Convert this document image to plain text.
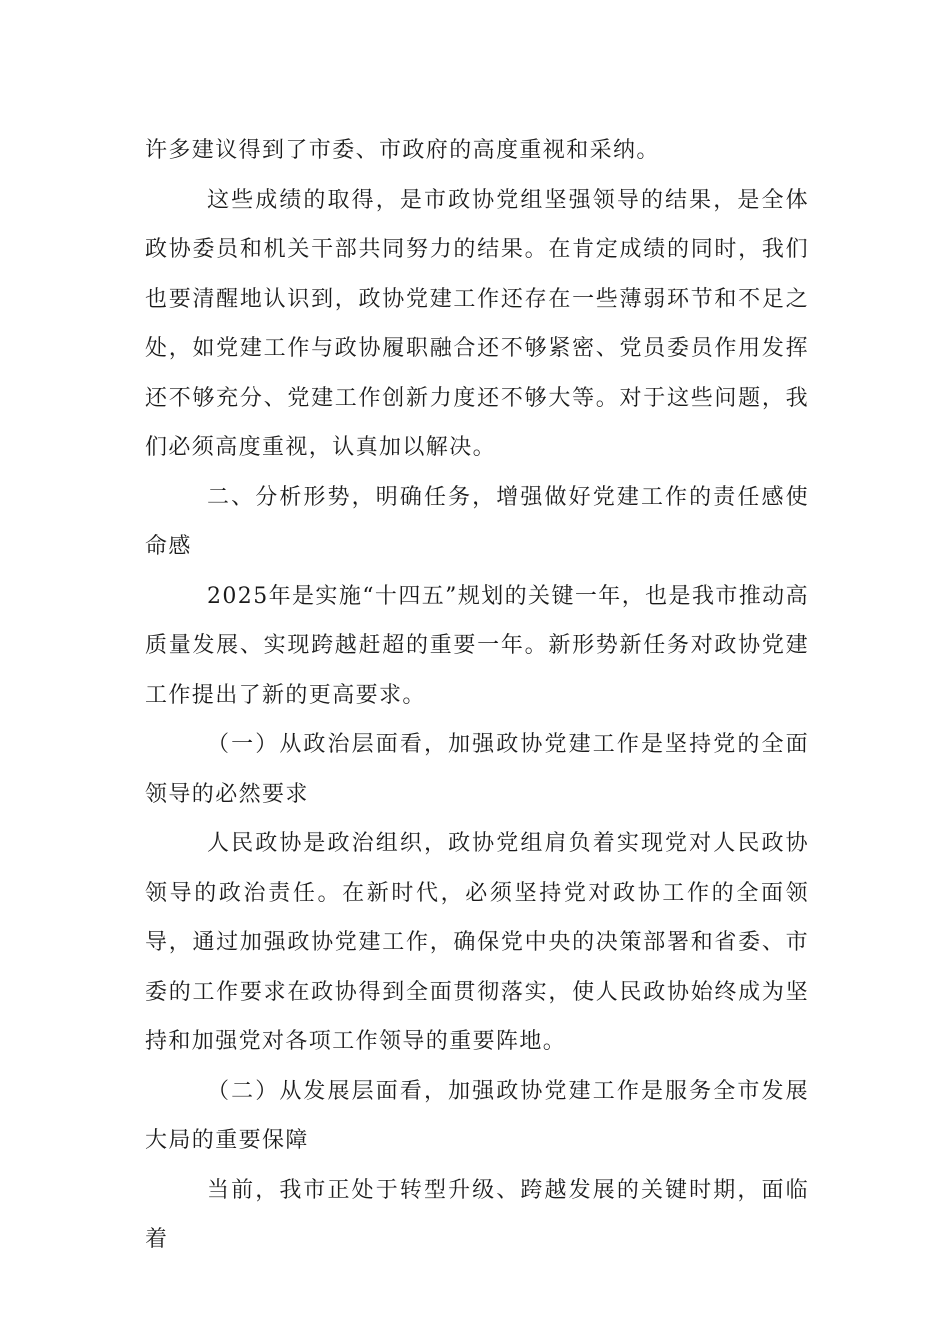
许多建议得到了市委、市政府的高度重视和采纳。

这些成绩的取得，是市政协党组坚强领导的结果，是全体政协委员和机关干部共同努力的结果。在肯定成绩的同时，我们也要清醒地认识到，政协党建工作还存在一些薄弱环节和不足之处，如党建工作与政协履职融合还不够紧密、党员委员作用发挥还不够充分、党建工作创新力度还不够大等。对于这些问题，我们必须高度重视，认真加以解决。

二、分析形势，明确任务，增强做好党建工作的责任感使命感

2025年是实施“十四五”规划的关键一年，也是我市推动高质量发展、实现跨越赶超的重要一年。新形势新任务对政协党建工作提出了新的更高要求。

（一）从政治层面看，加强政协党建工作是坚持党的全面领导的必然要求

人民政协是政治组织，政协党组肩负着实现党对人民政协领导的政治责任。在新时代，必须坚持党对政协工作的全面领导，通过加强政协党建工作，确保党中央的决策部署和省委、市委的工作要求在政协得到全面贯彻落实，使人民政协始终成为坚持和加强党对各项工作领导的重要阵地。

（二）从发展层面看，加强政协党建工作是服务全市发展大局的重要保障

当前，我市正处于转型升级、跨越发展的关键时期，面临着
